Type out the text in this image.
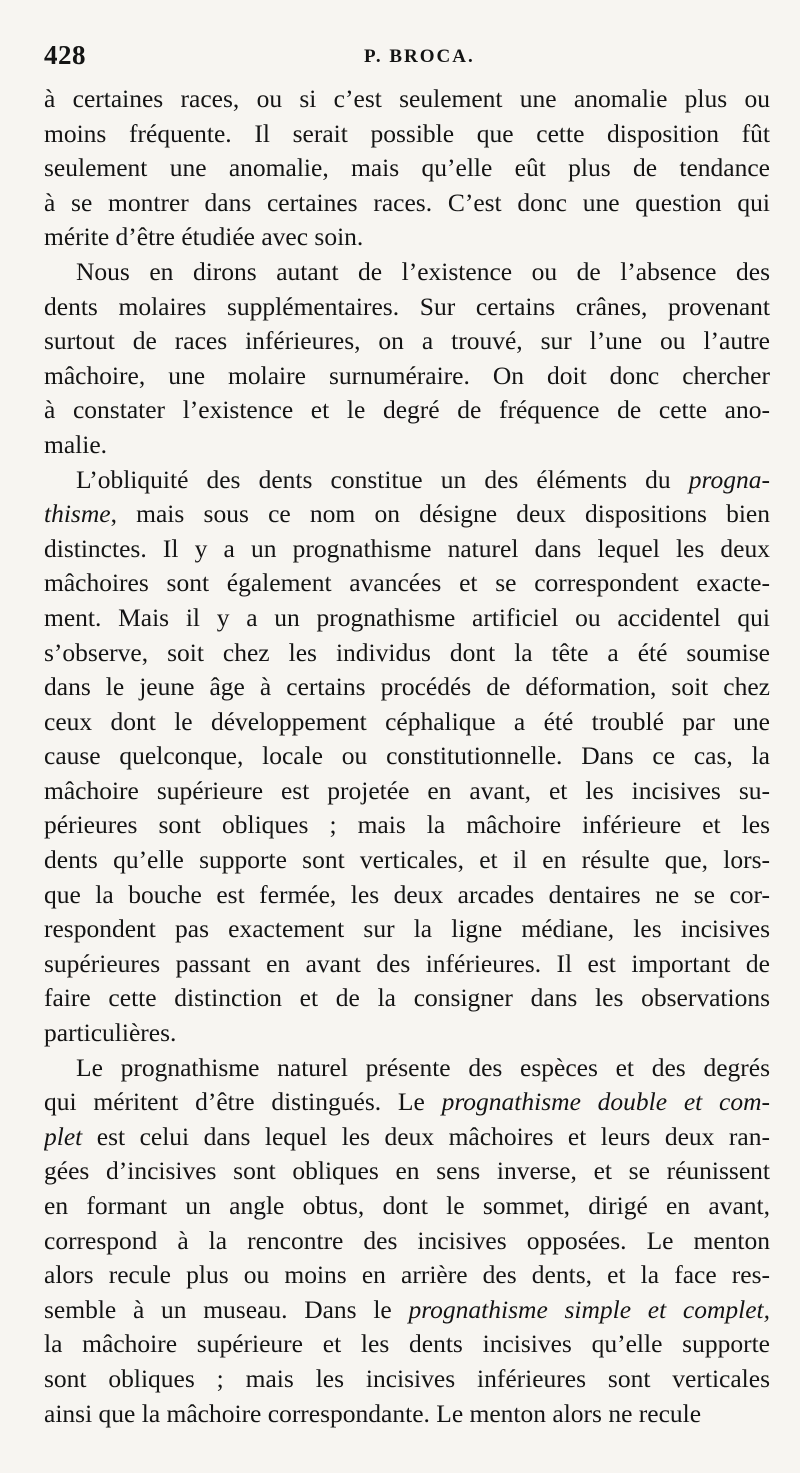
428	P. BROCA.
à certaines races, ou si c’est seulement une anomalie plus ou
moins fréquente. Il serait possible que cette disposition fût
seulement une anomalie, mais qu’elle eût plus de tendance
à se montrer dans certaines races. C’est donc une question qui
mérite d’être étudiée avec soin.
Nous en dirons autant de l’existence ou de l’absence des
dents molaires supplémentaires. Sur certains crânes, provenant
surtout de races inférieures, on a trouvé, sur l’une ou l’autre
mâchoire, une molaire surnuméraire. On doit donc chercher
à constater l’existence et le degré de fréquence de cette ano-
malie.
L’obliquité des dents constitue un des éléments du progna-
thisme, mais sous ce nom on désigne deux dispositions bien
distinctes. Il y a un prognathisme naturel dans lequel les deux
mâchoires sont également avancées et se correspondent exacte-
ment. Mais il y a un prognathisme artificiel ou accidentel qui
s’observe, soit chez les individus dont la tête a été soumise
dans le jeune âge à certains procédés de déformation, soit chez
ceux dont le développement céphalique a été troublé par une
cause quelconque, locale ou constitutionnelle. Dans ce cas, la
mâchoire supérieure est projetée en avant, et les incisives su-
périeures sont obliques ; mais la mâchoire inférieure et les
dents qu’elle supporte sont verticales, et il en résulte que, lors-
que la bouche est fermée, les deux arcades dentaires ne se cor-
respondent pas exactement sur la ligne médiane, les incisives
supérieures passant en avant des inférieures. Il est important de
faire cette distinction et de la consigner dans les observations
particulières.
Le prognathisme naturel présente des espèces et des degrés
qui méritent d’être distingués. Le prognathisme double et com-
plet est celui dans lequel les deux mâchoires et leurs deux ran-
gées d’incisives sont obliques en sens inverse, et se réunissent
en formant un angle obtus, dont le sommet, dirigé en avant,
correspond à la rencontre des incisives opposées. Le menton
alors recule plus ou moins en arrière des dents, et la face res-
semble à un museau. Dans le prognathisme simple et complet,
la mâchoire supérieure et les dents incisives qu’elle supporte
sont obliques ; mais les incisives inférieures sont verticales
ainsi que la mâchoire correspondante. Le menton alors ne recule
